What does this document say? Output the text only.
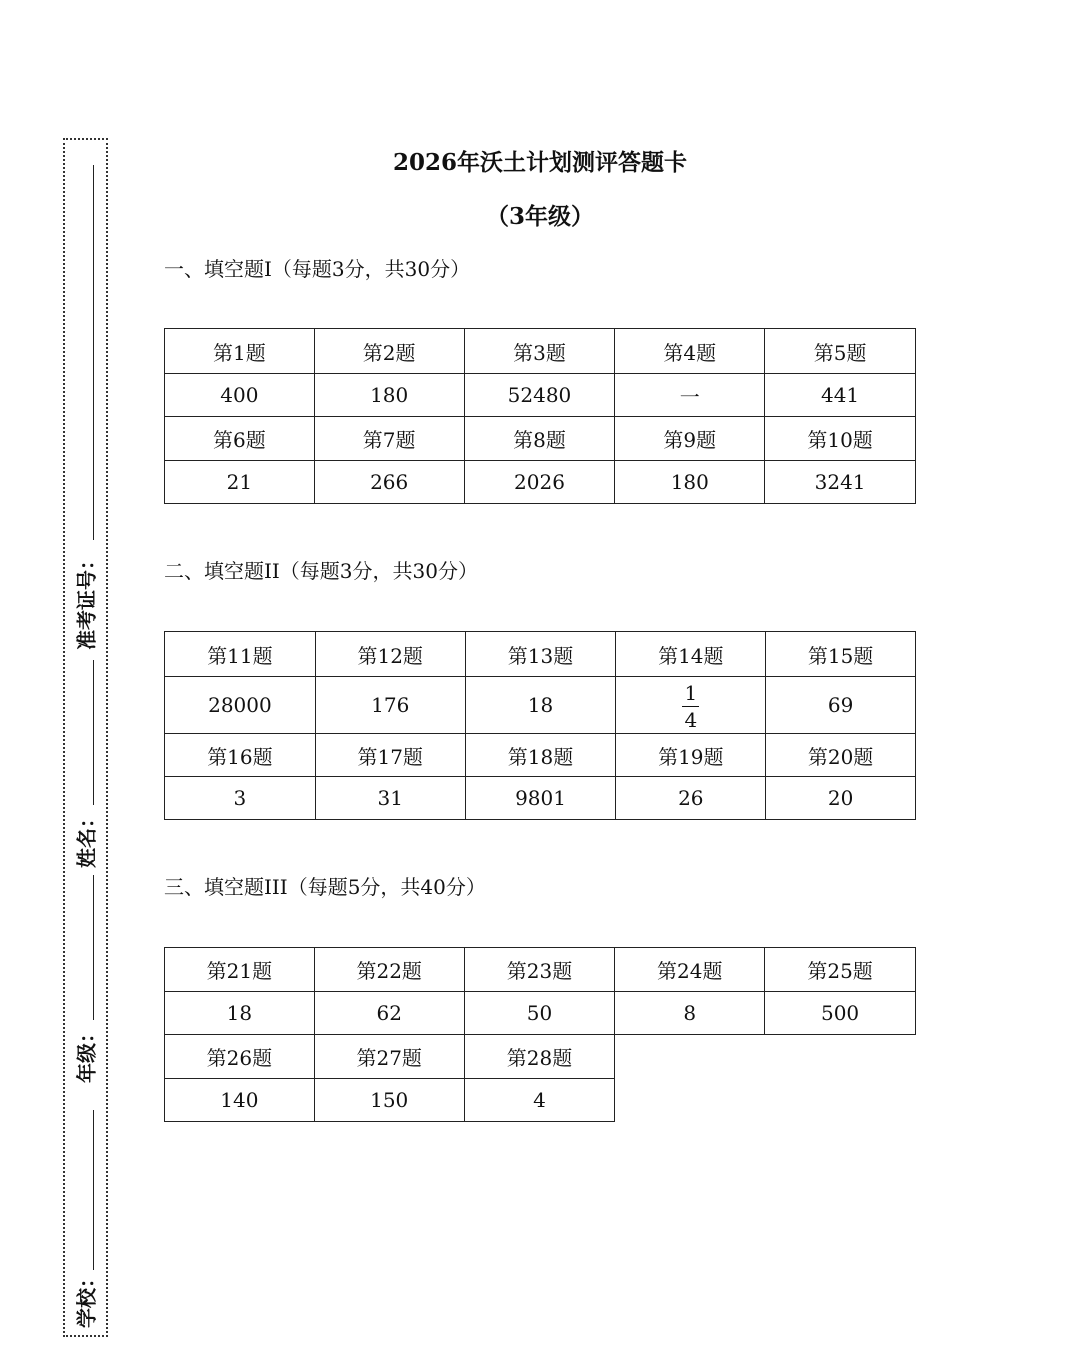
准考证号：
姓名：
年级：
学校：
2026年沃土计划测评答题卡
（3年级）
一、填空题I（每题3分，共30分）
第1题	第2题	第3题	第4题	第5题
400	180	52480	一	441
第6题	第7题	第8题	第9题	第10题
21	266	2026	180	3241
二、填空题II（每题3分，共30分）
第11题	第12题	第13题	第14题	第15题
28000	176	18	$\frac{1}{4}$	69
第16题	第17题	第18题	第19题	第20题
3	31	9801	26	20
三、填空题III（每题5分，共40分）
第21题	第22题	第23题	第24题	第25题
18	62	50	8	500
第26题	第27题	第28题		
140	150	4		
